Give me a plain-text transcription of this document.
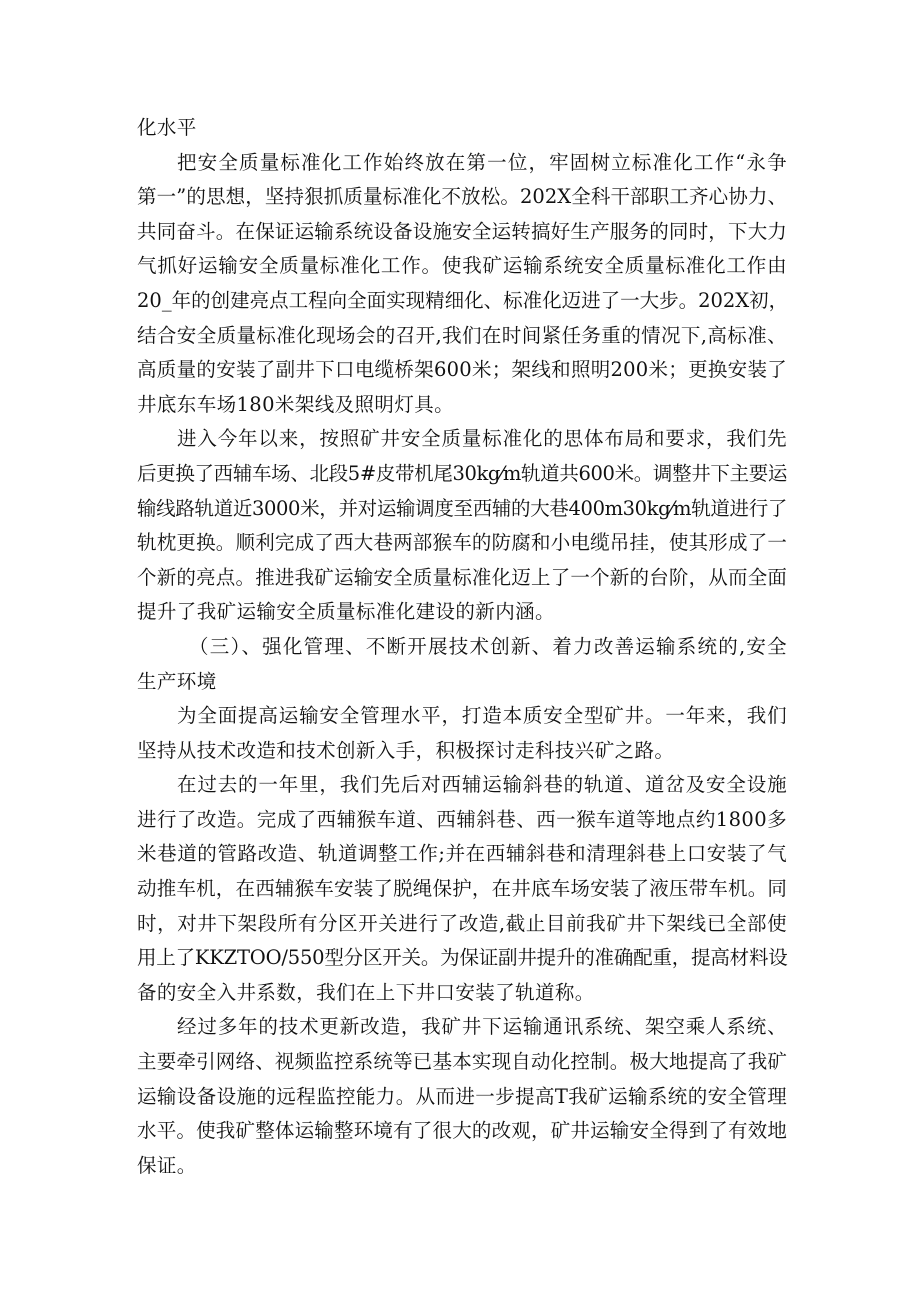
化水平
把安全质量标准化工作始终放在第一位，牢固树立标准化工作“永争
第一”的思想，坚持狠抓质量标准化不放松。202X全科干部职工齐心协力、
共同奋斗。在保证运输系统设备设施安全运转搞好生产服务的同时，下大力
气抓好运输安全质量标准化工作。使我矿运输系统安全质量标准化工作由
20_年的创建亮点工程向全面实现精细化、标准化迈进了一大步。202X初，
结合安全质量标准化现场会的召开,我们在时间紧任务重的情况下,高标准、
高质量的安装了副井下口电缆桥架600米；架线和照明200米；更换安装了
井底东车场180米架线及照明灯具。
进入今年以来，按照矿井安全质量标准化的思体布局和要求，我们先
后更换了西辅车场、北段5#皮带机尾30kg⁄m轨道共600米。调整井下主要运
输线路轨道近3000米，并对运输调度至西辅的大巷400m30kg⁄m轨道进行了
轨枕更换。顺利完成了西大巷两部猴车的防腐和小电缆吊挂，使其形成了一
个新的亮点。推进我矿运输安全质量标准化迈上了一个新的台阶，从而全面
提升了我矿运输安全质量标准化建设的新内涵。
（三）、强化管理、不断开展技术创新、着力改善运输系统的,安全
生产环境
为全面提高运输安全管理水平，打造本质安全型矿井。一年来，我们
坚持从技术改造和技术创新入手，积极探讨走科技兴矿之路。
在过去的一年里，我们先后对西辅运输斜巷的轨道、道岔及安全设施
进行了改造。完成了西辅猴车道、西辅斜巷、西一猴车道等地点约1800多
米巷道的管路改造、轨道调整工作;并在西辅斜巷和清理斜巷上口安装了气
动推车机，在西辅猴车安装了脱绳保护，在井底车场安装了液压带车机。同
时，对井下架段所有分区开关进行了改造,截止目前我矿井下架线已全部使
用上了KKZTOO/550型分区开关。为保证副井提升的准确配重，提高材料设
备的安全入井系数，我们在上下井口安装了轨道称。
经过多年的技术更新改造，我矿井下运输通讯系统、架空乘人系统、
主要牵引网络、视频监控系统等已基本实现自动化控制。极大地提高了我矿
运输设备设施的远程监控能力。从而进一步提高T我矿运输系统的安全管理
水平。使我矿整体运输整环境有了很大的改观，矿井运输安全得到了有效地
保证。
